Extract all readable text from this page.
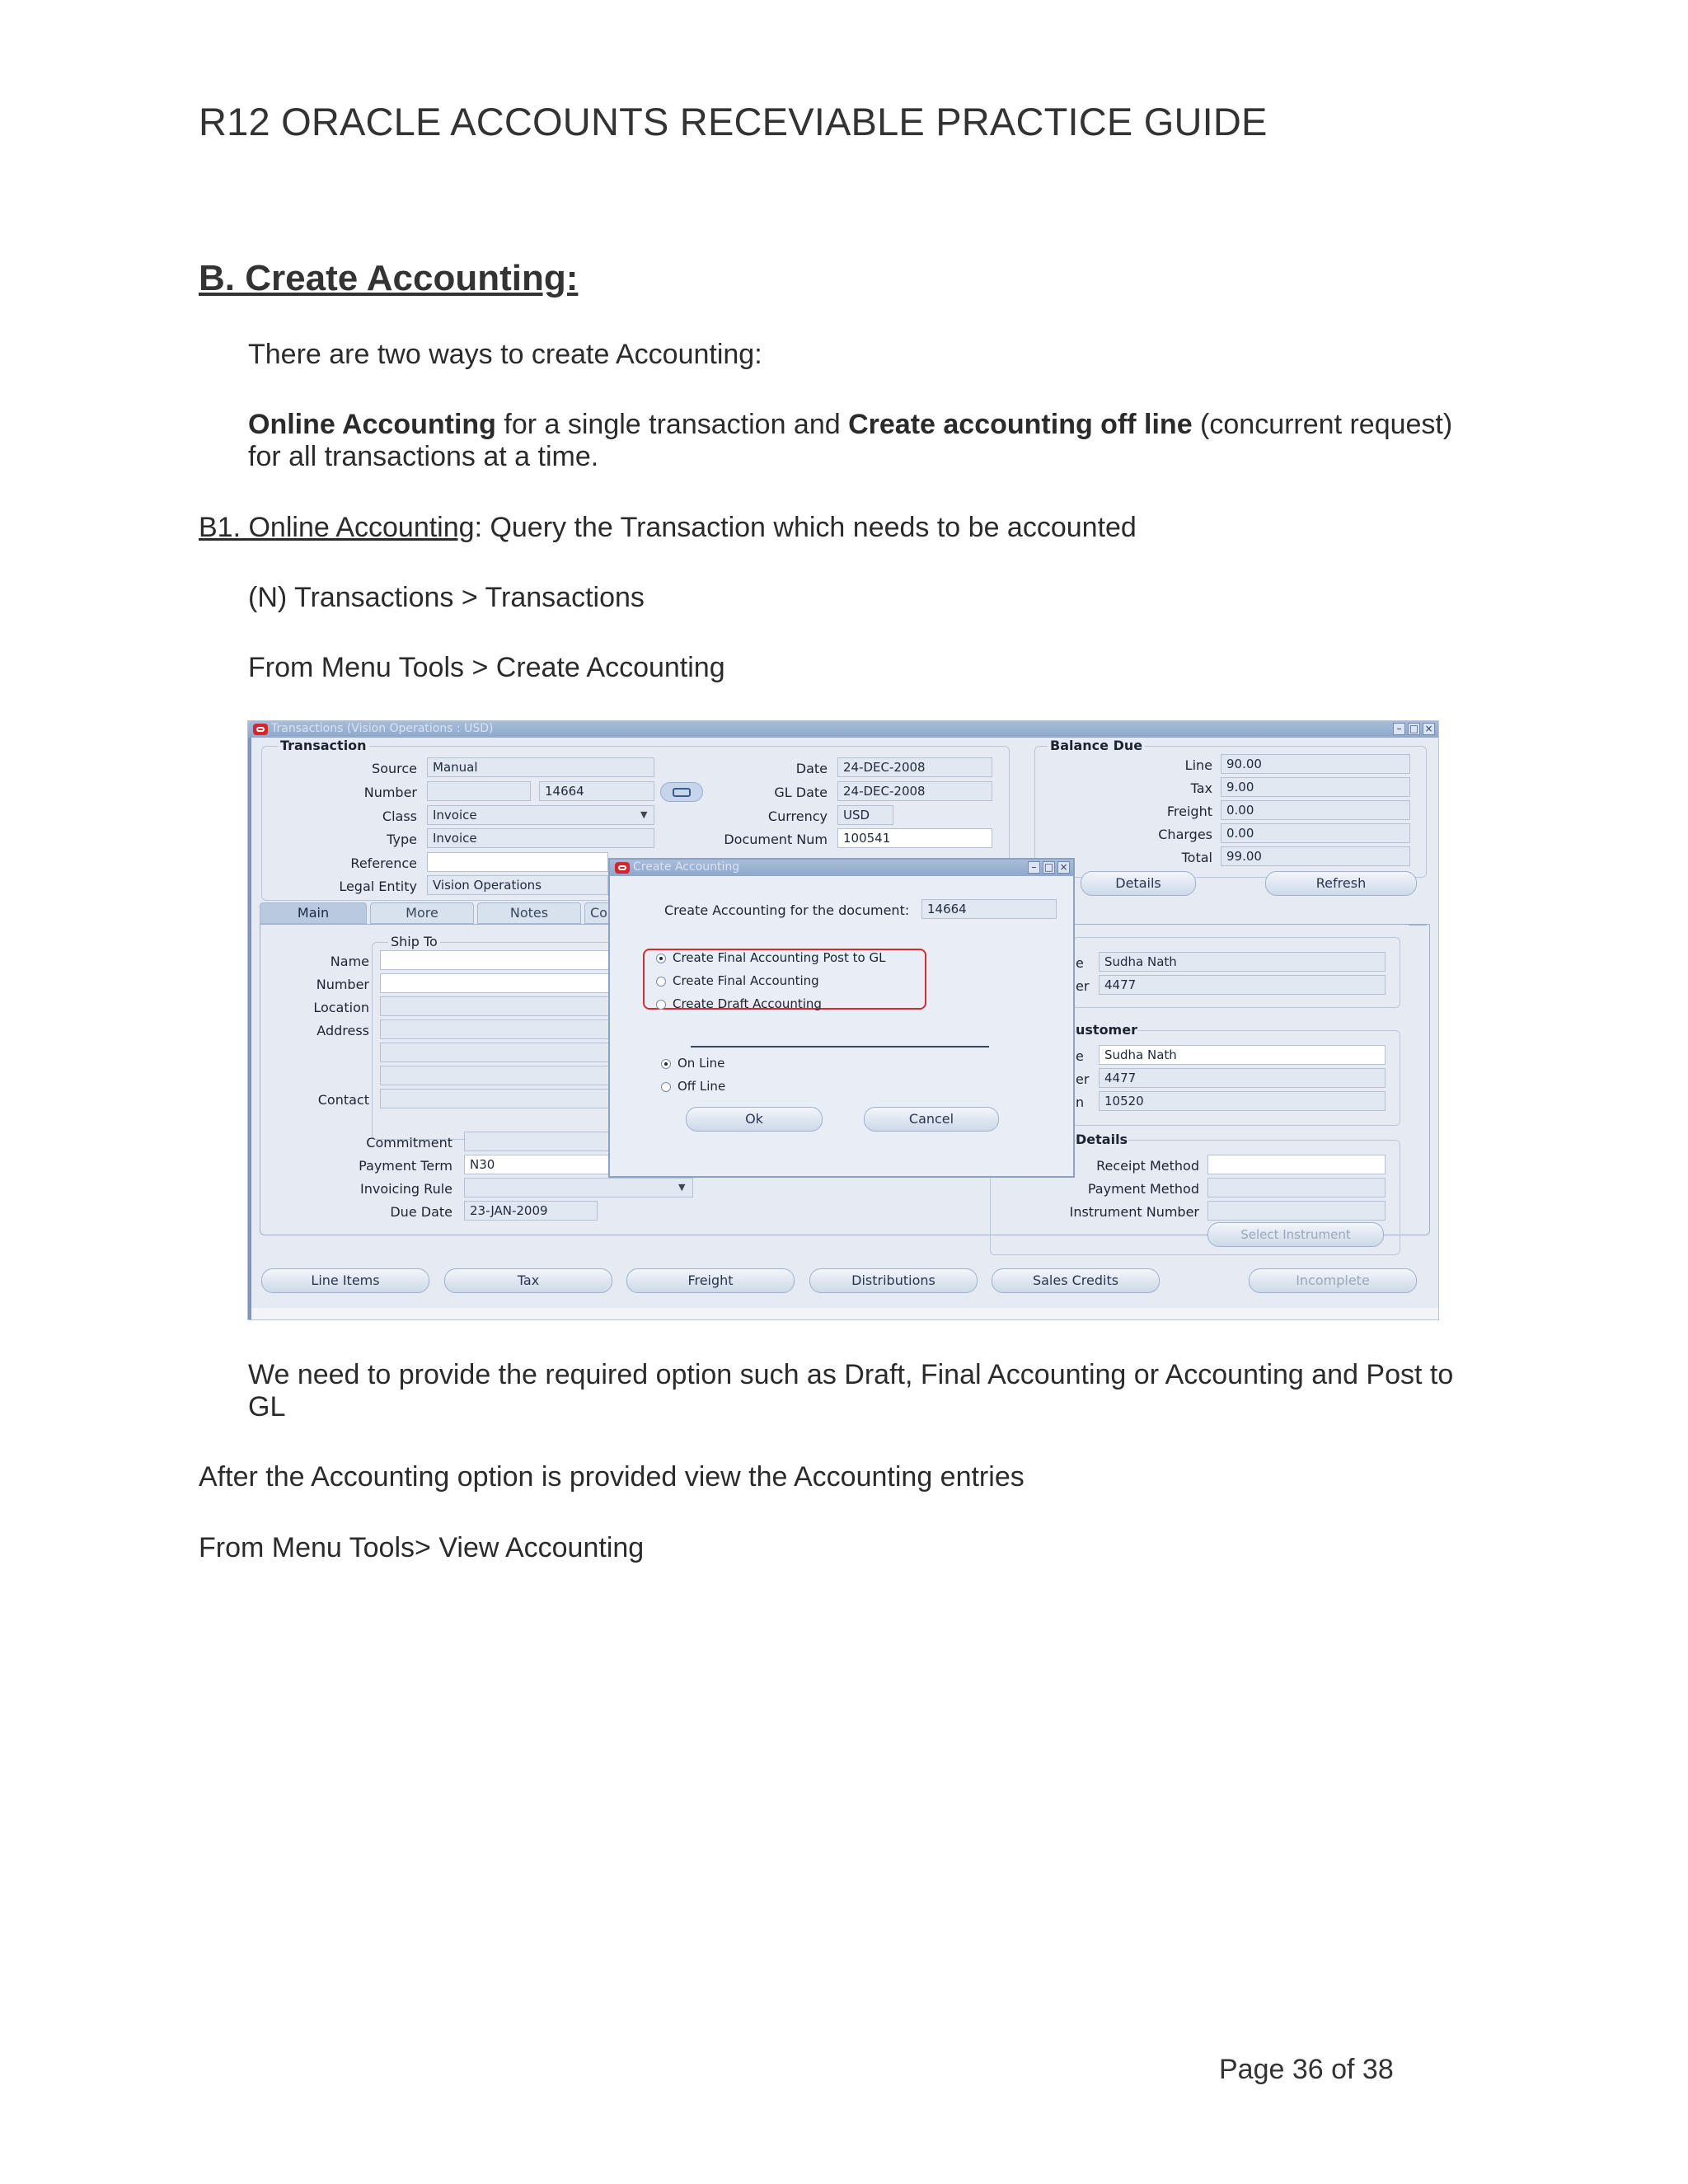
R12 ORACLE ACCOUNTS RECEVIABLE PRACTICE GUIDE
B. Create Accounting:
There are two ways to create Accounting:
Online Accounting for a single transaction and Create accounting off line (concurrent request)
for all transactions at a time.
B1. Online Accounting: Query the Transaction which needs to be accounted
(N) Transactions > Transactions
From Menu Tools > Create Accounting
Transactions (Vision Operations : USD)	– □ ×
Transaction
Source	Manual
Number	14664
Class	Invoice	▼
Type	Invoice
Reference
Legal Entity	Vision Operations
Date	24-DEC-2008
GL Date	24-DEC-2008
Currency	USD
Document Num	100541
Balance Due
Line	90.00
Tax	9.00
Freight	0.00
Charges	0.00
Total	99.00
Details	Refresh
Main	More	Notes	Co
Ship To
Name
Number
Location
Address
Contact
Commitment
Payment Term	N30
Invoicing Rule	▼
Due Date	23-JAN-2009
e	Sudha Nath
er	4477
ustomer
e	Sudha Nath
er	4477
n	10520
Details
Receipt Method
Payment Method
Instrument Number
Select Instrument
Line Items	Tax	Freight	Distributions	Sales Credits	Incomplete
Create Accounting	– □ ×
Create Accounting for the document:	14664
Create Final Accounting Post to GL
Create Final Accounting
Create Draft Accounting
On Line
Off Line
Ok	Cancel
We need to provide the required option such as Draft, Final Accounting or Accounting and Post to
GL
After the Accounting option is provided view the Accounting entries
From Menu Tools> View Accounting
Page 36 of 38
